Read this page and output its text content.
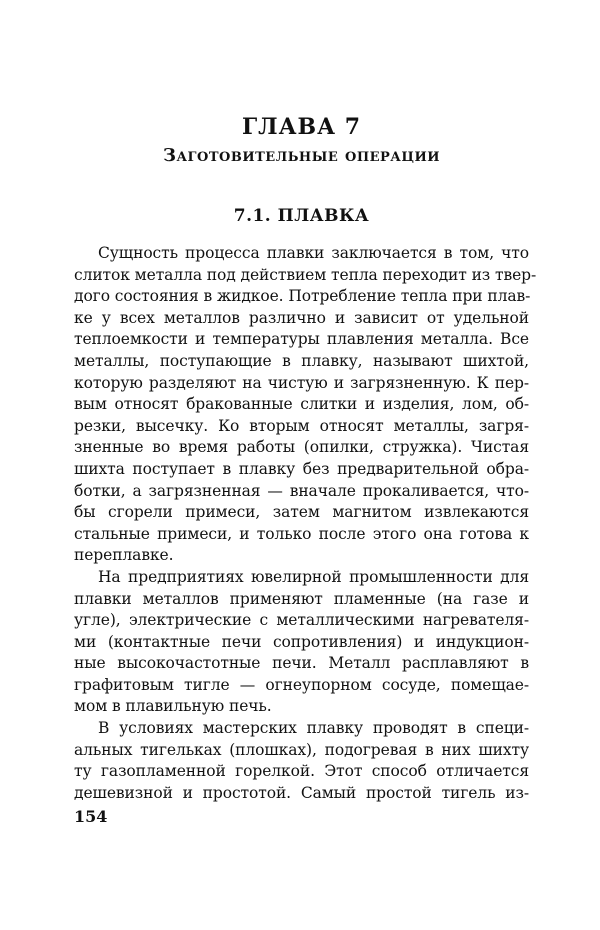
ГЛАВА 7
Заготовительные операции
7.1. ПЛАВКА
Сущность процесса плавки заключается в том, что
слиток металла под действием тепла переходит из твер-
дого состояния в жидкое. Потребление тепла при плав-
ке у всех металлов различно и зависит от удельной
теплоемкости и температуры плавления металла. Все
металлы, поступающие в плавку, называют шихтой,
которую разделяют на чистую и загрязненную. К пер-
вым относят бракованные слитки и изделия, лом, об-
резки, высечку. Ко вторым относят металлы, загря-
зненные во время работы (опилки, стружка). Чистая
шихта поступает в плавку без предварительной обра-
ботки, а загрязненная — вначале прокаливается, что-
бы сгорели примеси, затем магнитом извлекаются
стальные примеси, и только после этого она готова к
переплавке.
На предприятиях ювелирной промышленности для
плавки металлов применяют пламенные (на газе и
угле), электрические с металлическими нагревателя-
ми (контактные печи сопротивления) и индукцион-
ные высокочастотные печи. Металл расплавляют в
графитовым тигле — огнеупорном сосуде, помещае-
мом в плавильную печь.
В условиях мастерских плавку проводят в специ-
альных тигельках (плошках), подогревая в них шихту
ту газопламенной горелкой. Этот способ отличается
дешевизной и простотой. Самый простой тигель из-
154
